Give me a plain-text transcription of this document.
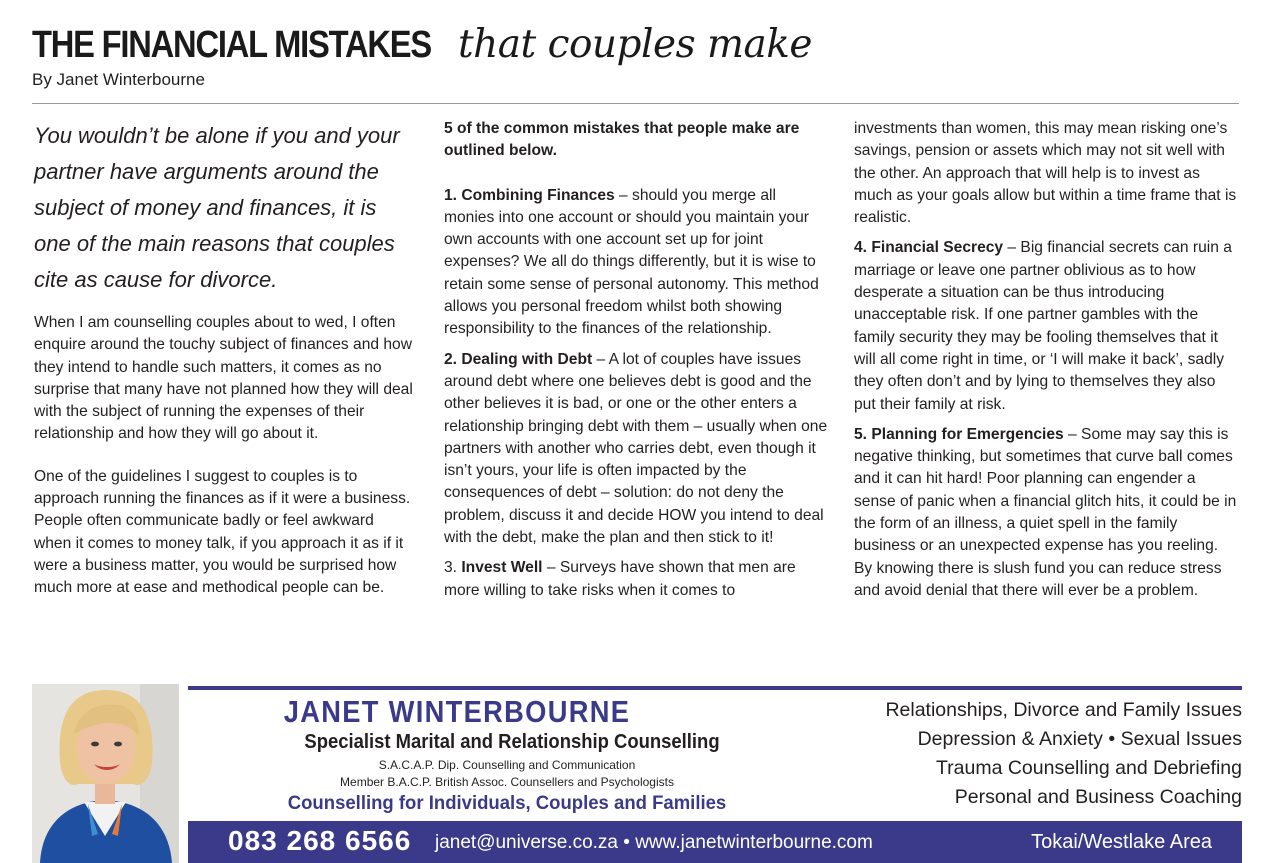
THE FINANCIAL MISTAKES that couples make
By Janet Winterbourne

You wouldn’t be alone if you and your partner have arguments around the subject of money and finances, it is one of the main reasons that couples cite as cause for divorce.

When I am counselling couples about to wed, I often enquire around the touchy subject of finances and how they intend to handle such matters, it comes as no surprise that many have not planned how they will deal with the subject of running the expenses of their relationship and how they will go about it.

One of the guidelines I suggest to couples is to approach running the finances as if it were a business. People often communicate badly or feel awkward when it comes to money talk, if you approach it as if it were a business matter, you would be surprised how much more at ease and methodical people can be.

5 of the common mistakes that people make are outlined below.

1. Combining Finances – should you merge all monies into one account or should you maintain your own accounts with one account set up for joint expenses? We all do things differently, but it is wise to retain some sense of personal autonomy. This method allows you personal freedom whilst both showing responsibility to the finances of the relationship.

2. Dealing with Debt – A lot of couples have issues around debt where one believes debt is good and the other believes it is bad, or one or the other enters a relationship bringing debt with them – usually when one partners with another who carries debt, even though it isn’t yours, your life is often impacted by the consequences of debt – solution: do not deny the problem, discuss it and decide HOW you intend to deal with the debt, make the plan and then stick to it!

3. Invest Well – Surveys have shown that men are more willing to take risks when it comes to

investments than women, this may mean risking one’s savings, pension or assets which may not sit well with the other. An approach that will help is to invest as much as your goals allow but within a time frame that is realistic.

4. Financial Secrecy – Big financial secrets can ruin a marriage or leave one partner oblivious as to how desperate a situation can be thus introducing unacceptable risk. If one partner gambles with the family security they may be fooling themselves that it will all come right in time, or ‘I will make it back’, sadly they often don’t and by lying to themselves they also put their family at risk.

5. Planning for Emergencies – Some may say this is negative thinking, but sometimes that curve ball comes and it can hit hard! Poor planning can engender a sense of panic when a financial glitch hits, it could be in the form of an illness, a quiet spell in the family business or an unexpected expense has you reeling. By knowing there is slush fund you can reduce stress and avoid denial that there will ever be a problem.

JANET WINTERBOURNE
Specialist Marital and Relationship Counselling
S.A.C.A.P. Dip. Counselling and Communication
Member B.A.C.P. British Assoc. Counsellers and Psychologists
Counselling for Individuals, Couples and Families
Relationships, Divorce and Family Issues
Depression & Anxiety • Sexual Issues
Trauma Counselling and Debriefing
Personal and Business Coaching
083 268 6566 janet@universe.co.za • www.janetwinterbourne.com	Tokai/Westlake Area
